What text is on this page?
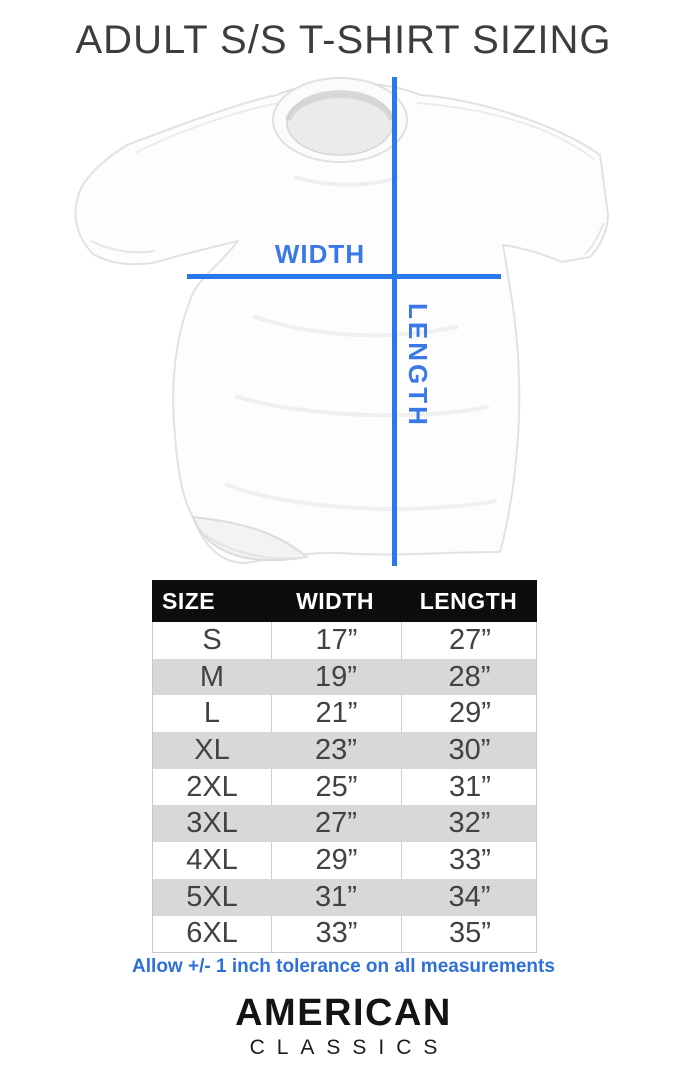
ADULT S/S T-SHIRT SIZING
WIDTH
LENGTH
SIZE	WIDTH	LENGTH
S	17”	27”
M	19”	28”
L	21”	29”
XL	23”	30”
2XL	25”	31”
3XL	27”	32”
4XL	29”	33”
5XL	31”	34”
6XL	33”	35”
Allow +/- 1 inch tolerance on all measurements
AMERICAN
CLASSICS
